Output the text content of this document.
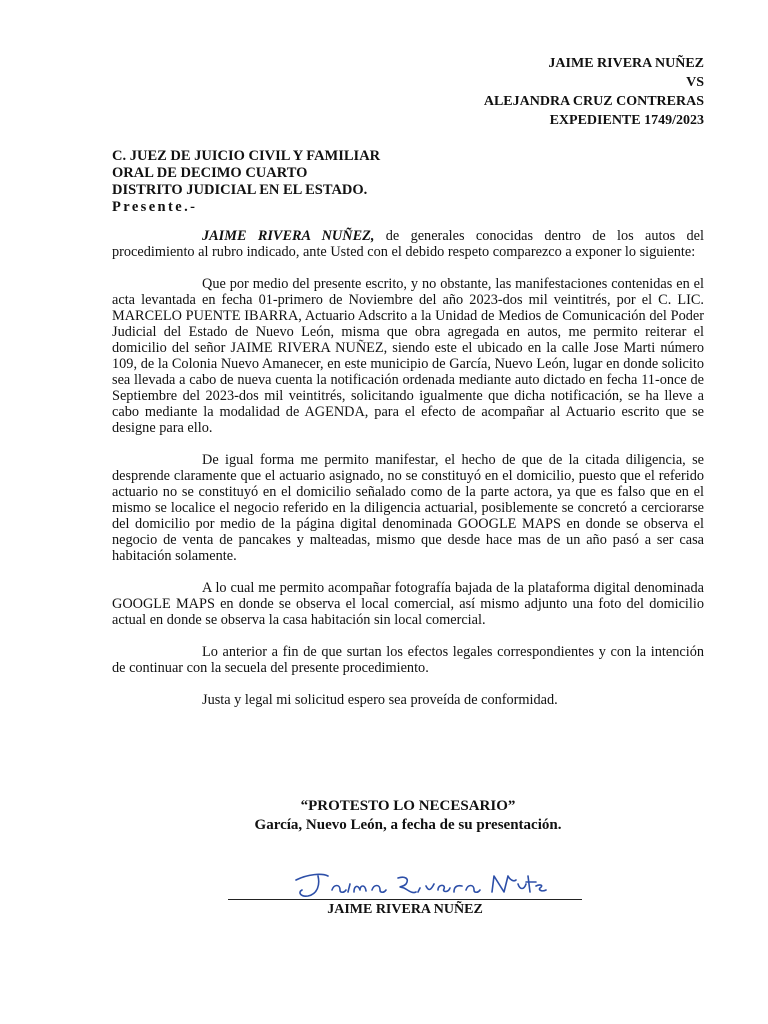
JAIME RIVERA NUÑEZ
VS
ALEJANDRA CRUZ CONTRERAS
EXPEDIENTE 1749/2023
C. JUEZ DE JUICIO CIVIL Y FAMILIAR
ORAL DE DECIMO CUARTO
DISTRITO JUDICIAL EN EL ESTADO.
Presente.-

JAIME RIVERA NUÑEZ, de generales conocidas dentro de los autos del procedimiento al rubro indicado, ante Usted con el debido respeto comparezco a exponer lo siguiente:

Que por medio del presente escrito, y no obstante, las manifestaciones contenidas en el acta levantada en fecha 01-primero de Noviembre del año 2023-dos mil veintitrés, por el C. LIC. MARCELO PUENTE IBARRA, Actuario Adscrito a la Unidad de Medios de Comunicación del Poder Judicial del Estado de Nuevo León, misma que obra agregada en autos, me permito reiterar el domicilio del señor JAIME RIVERA NUÑEZ, siendo este el ubicado en la calle Jose Marti número 109, de la Colonia Nuevo Amanecer, en este municipio de García, Nuevo León, lugar en donde solicito sea llevada a cabo de nueva cuenta la notificación ordenada mediante auto dictado en fecha 11-once de Septiembre del 2023-dos mil veintitrés, solicitando igualmente que dicha notificación, se ha lleve a cabo mediante la modalidad de AGENDA, para el efecto de acompañar al Actuario escrito que se designe para ello.

De igual forma me permito manifestar, el hecho de que de la citada diligencia, se desprende claramente que el actuario asignado, no se constituyó en el domicilio, puesto que el referido actuario no se constituyó en el domicilio señalado como de la parte actora, ya que es falso que en el mismo se localice el negocio referido en la diligencia actuarial, posiblemente se concretó a cerciorarse del domicilio por medio de la página digital denominada GOOGLE MAPS en donde se observa el negocio de venta de pancakes y malteadas, mismo que desde hace mas de un año pasó a ser casa habitación solamente.

A lo cual me permito acompañar fotografía bajada de la plataforma digital denominada GOOGLE MAPS en donde se observa el local comercial, así mismo adjunto una foto del domicilio actual en donde se observa la casa habitación sin local comercial.

Lo anterior a fin de que surtan los efectos legales correspondientes y con la intención de continuar con la secuela del presente procedimiento.

Justa y legal mi solicitud espero sea proveída de conformidad.

“PROTESTO LO NECESARIO”
García, Nuevo León, a fecha de su presentación.
JAIME RIVERA NUÑEZ
